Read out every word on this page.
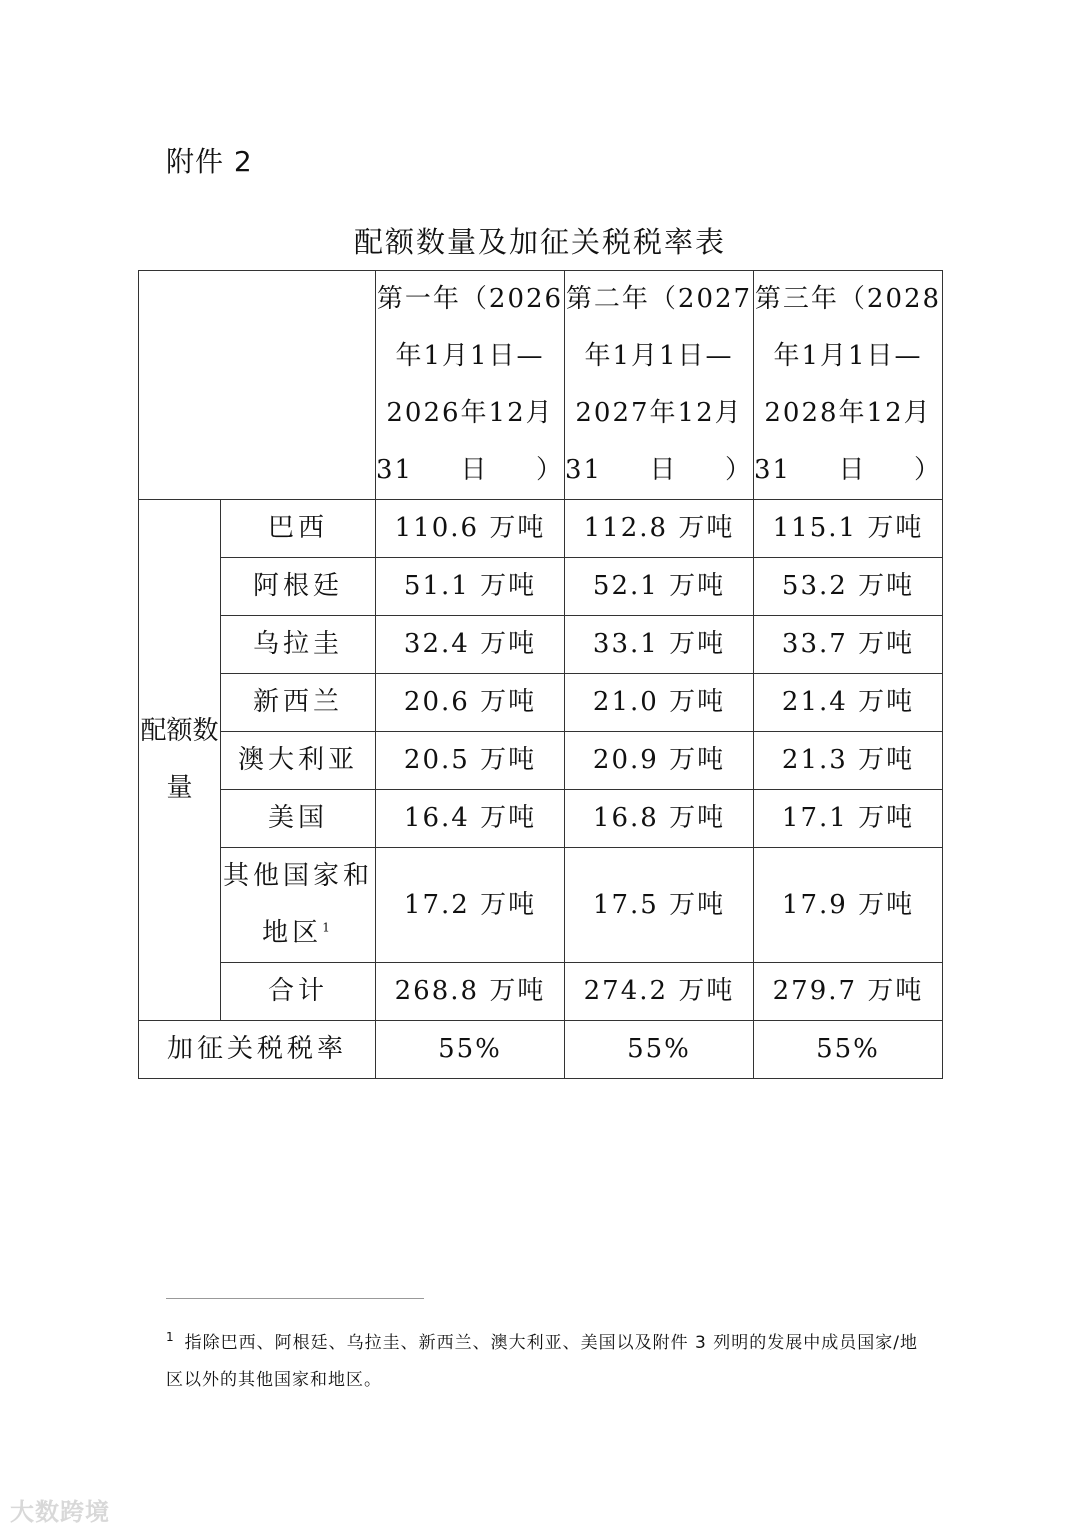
附件 2
配额数量及加征关税税率表
		第一年（2026年1月1日—2026年12月31日）	第二年（2027年1月1日—2027年12月31日）	第三年（2028年1月1日—2028年12月31日）
配额数量	巴西	110.6 万吨	112.8 万吨	115.1 万吨
	阿根廷	51.1 万吨	52.1 万吨	53.2 万吨
	乌拉圭	32.4 万吨	33.1 万吨	33.7 万吨
	新西兰	20.6 万吨	21.0 万吨	21.4 万吨
	澳大利亚	20.5 万吨	20.9 万吨	21.3 万吨
	美国	16.4 万吨	16.8 万吨	17.1 万吨
	其他国家和地区$^1$	17.2 万吨	17.5 万吨	17.9 万吨
	合计	268.8 万吨	274.2 万吨	279.7 万吨
加征关税税率		55%	55%	55%
$^1$ 指除巴西、阿根廷、乌拉圭、新西兰、澳大利亚、美国以及附件 3 列明的发展中成员国家/地区以外的其他国家和地区。
大数跨境
